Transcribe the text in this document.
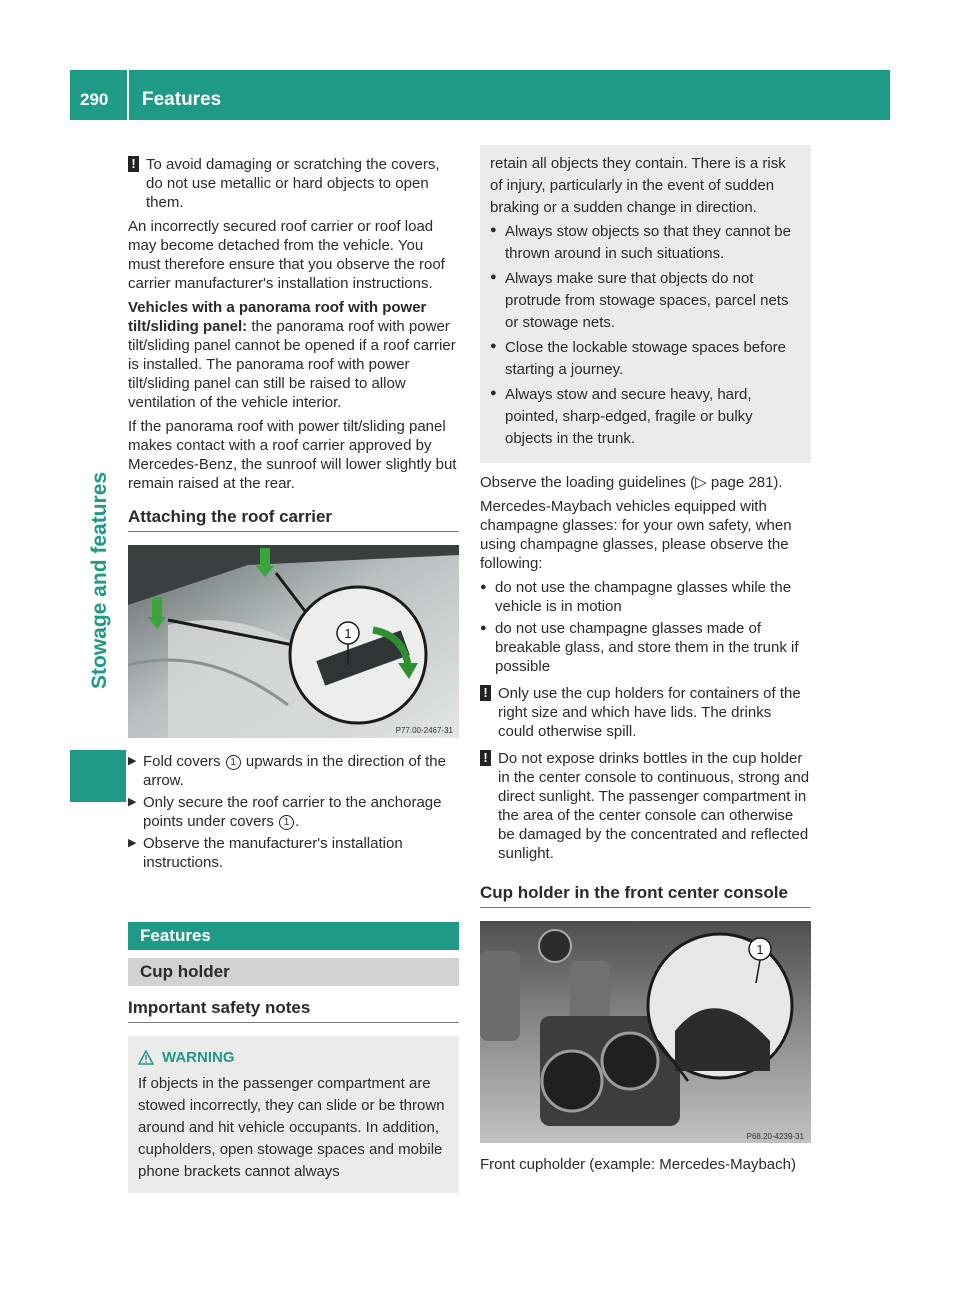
290	Features
Stowage and features

! To avoid damaging or scratching the covers, do not use metallic or hard objects to open them.

An incorrectly secured roof carrier or roof load may become detached from the vehicle. You must therefore ensure that you observe the roof carrier manufacturer's installation instructions.

Vehicles with a panorama roof with power tilt/sliding panel: the panorama roof with power tilt/sliding panel cannot be opened if a roof carrier is installed. The panorama roof with power tilt/sliding panel can still be raised to allow ventilation of the vehicle interior.

If the panorama roof with power tilt/sliding panel makes contact with a roof carrier approved by Mercedes-Benz, the sunroof will lower slightly but remain raised at the rear.

Attaching the roof carrier
1
P77.00-2467-31
▶ Fold covers 1 upwards in the direction of the arrow.
▶ Only secure the roof carrier to the anchorage points under covers 1 .
▶ Observe the manufacturer's installation instructions.
Features
Cup holder
Important safety notes
WARNING
If objects in the passenger compartment are stowed incorrectly, they can slide or be thrown around and hit vehicle occupants. In addition, cupholders, open stowage spaces and mobile phone brackets cannot always
retain all objects they contain. There is a risk of injury, particularly in the event of sudden braking or a sudden change in direction.
● Always stow objects so that they cannot be thrown around in such situations.
● Always make sure that objects do not protrude from stowage spaces, parcel nets or stowage nets.
● Close the lockable stowage spaces before starting a journey.
● Always stow and secure heavy, hard, pointed, sharp-edged, fragile or bulky objects in the trunk.

Observe the loading guidelines (▷ page 281).

Mercedes-Maybach vehicles equipped with champagne glasses: for your own safety, when using champagne glasses, please observe the following:

● do not use the champagne glasses while the vehicle is in motion
● do not use champagne glasses made of breakable glass, and store them in the trunk if possible

! Only use the cup holders for containers of the right size and which have lids. The drinks could otherwise spill.

! Do not expose drinks bottles in the cup holder in the center console to continuous, strong and direct sunlight. The passenger compartment in the area of the center console can otherwise be damaged by the concentrated and reflected sunlight.

Cup holder in the front center console
1
P68.20-4239-31

Front cupholder (example: Mercedes-Maybach)
